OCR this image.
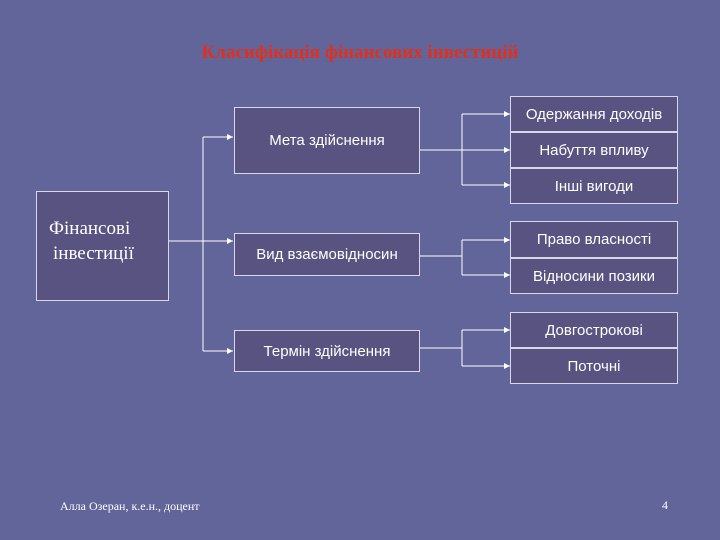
Класифікація фінансових інвестицій
Фінансові
інвестиції
Мета здійснення
Вид взаємовідносин
Термін здійснення
Одержання доходів
Набуття впливу
Інші вигоди
Право власності
Відносини позики
Довгострокові
Поточні
Алла Озеран, к.е.н., доцент	4
